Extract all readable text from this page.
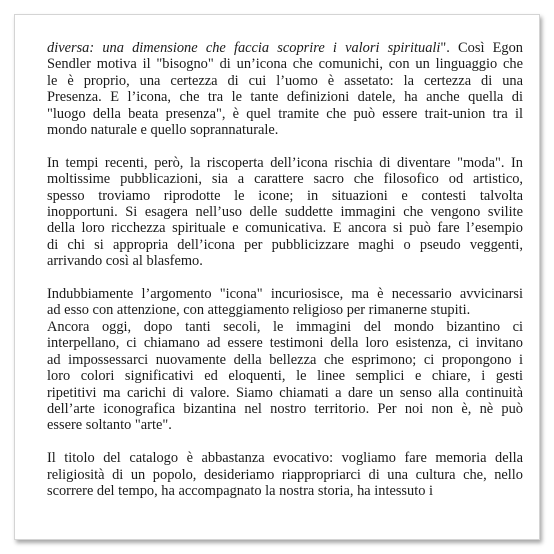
diversa: una dimensione che faccia scoprire i valori spirituali". Così Egon
Sendler motiva il "bisogno" di un’icona che comunichi, con un linguaggio che
le è proprio, una certezza di cui l’uomo è assetato: la certezza di una
Presenza. E l’icona, che tra le tante definizioni datele, ha anche quella di
"luogo della beata presenza", è quel tramite che può essere trait-union tra il
mondo naturale e quello soprannaturale.
In tempi recenti, però, la riscoperta dell’icona rischia di diventare "moda". In
moltissime pubblicazioni, sia a carattere sacro che filosofico od artistico,
spesso troviamo riprodotte le icone; in situazioni e contesti talvolta
inopportuni. Si esagera nell’uso delle suddette immagini che vengono svilite
della loro ricchezza spirituale e comunicativa. E ancora si può fare l’esempio
di chi si appropria dell’icona per pubblicizzare maghi o pseudo veggenti,
arrivando così al blasfemo.
Indubbiamente l’argomento "icona" incuriosisce, ma è necessario avvicinarsi
ad esso con attenzione, con atteggiamento religioso per rimanerne stupiti.
Ancora oggi, dopo tanti secoli, le immagini del mondo bizantino ci
interpellano, ci chiamano ad essere testimoni della loro esistenza, ci invitano
ad impossessarci nuovamente della bellezza che esprimono; ci propongono i
loro colori significativi ed eloquenti, le linee semplici e chiare, i gesti
ripetitivi ma carichi di valore. Siamo chiamati a dare un senso alla continuità
dell’arte iconografica bizantina nel nostro territorio. Per noi non è, nè può
essere soltanto "arte".
Il titolo del catalogo è abbastanza evocativo: vogliamo fare memoria della
religiosità di un popolo, desideriamo riappropriarci di una cultura che, nello
scorrere del tempo, ha accompagnato la nostra storia, ha intessuto i
